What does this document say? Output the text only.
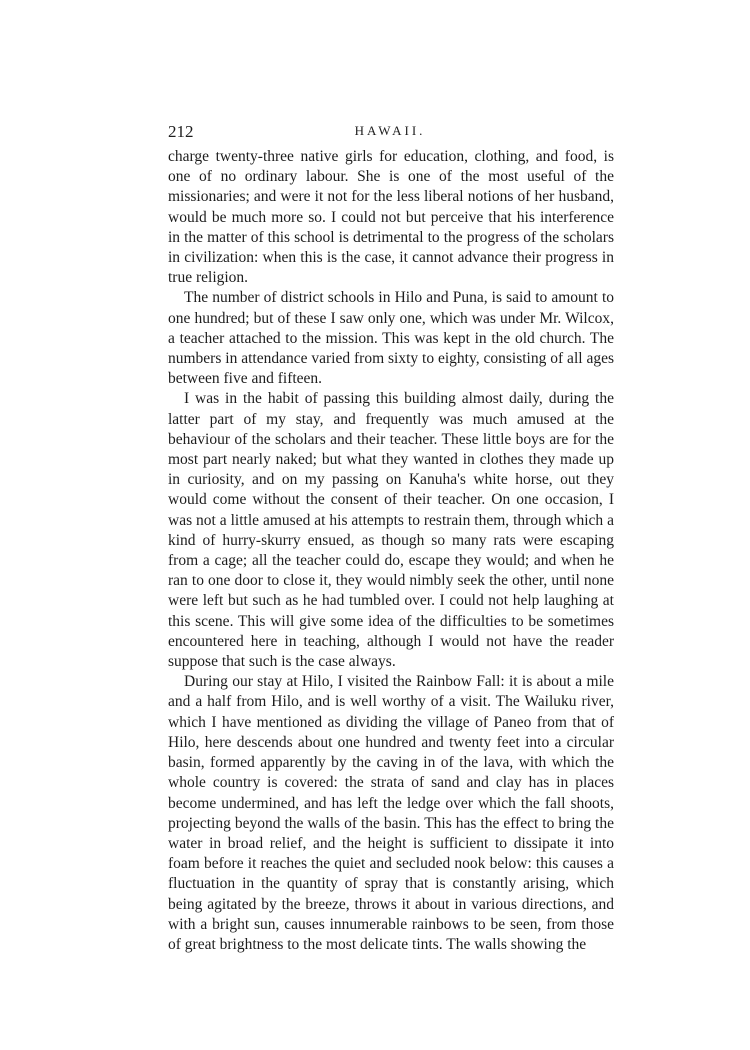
212	HAWAII.

charge twenty-three native girls for education, clothing, and food, is one of no ordinary labour. She is one of the most useful of the missionaries; and were it not for the less liberal notions of her husband, would be much more so. I could not but perceive that his interference in the matter of this school is detrimental to the progress of the scholars in civilization: when this is the case, it cannot advance their progress in true religion.

The number of district schools in Hilo and Puna, is said to amount to one hundred; but of these I saw only one, which was under Mr. Wilcox, a teacher attached to the mission. This was kept in the old church. The numbers in attendance varied from sixty to eighty, consisting of all ages between five and fifteen.

I was in the habit of passing this building almost daily, during the latter part of my stay, and frequently was much amused at the behaviour of the scholars and their teacher. These little boys are for the most part nearly naked; but what they wanted in clothes they made up in curiosity, and on my passing on Kanuha's white horse, out they would come without the consent of their teacher. On one occasion, I was not a little amused at his attempts to restrain them, through which a kind of hurry-skurry ensued, as though so many rats were escaping from a cage; all the teacher could do, escape they would; and when he ran to one door to close it, they would nimbly seek the other, until none were left but such as he had tumbled over. I could not help laughing at this scene. This will give some idea of the difficulties to be sometimes encountered here in teaching, although I would not have the reader suppose that such is the case always.

During our stay at Hilo, I visited the Rainbow Fall: it is about a mile and a half from Hilo, and is well worthy of a visit. The Wailuku river, which I have mentioned as dividing the village of Paneo from that of Hilo, here descends about one hundred and twenty feet into a circular basin, formed apparently by the caving in of the lava, with which the whole country is covered: the strata of sand and clay has in places become undermined, and has left the ledge over which the fall shoots, projecting beyond the walls of the basin. This has the effect to bring the water in broad relief, and the height is sufficient to dissipate it into foam before it reaches the quiet and secluded nook below: this causes a fluctuation in the quantity of spray that is constantly arising, which being agitated by the breeze, throws it about in various directions, and with a bright sun, causes innumerable rainbows to be seen, from those of great brightness to the most delicate tints. The walls showing the
